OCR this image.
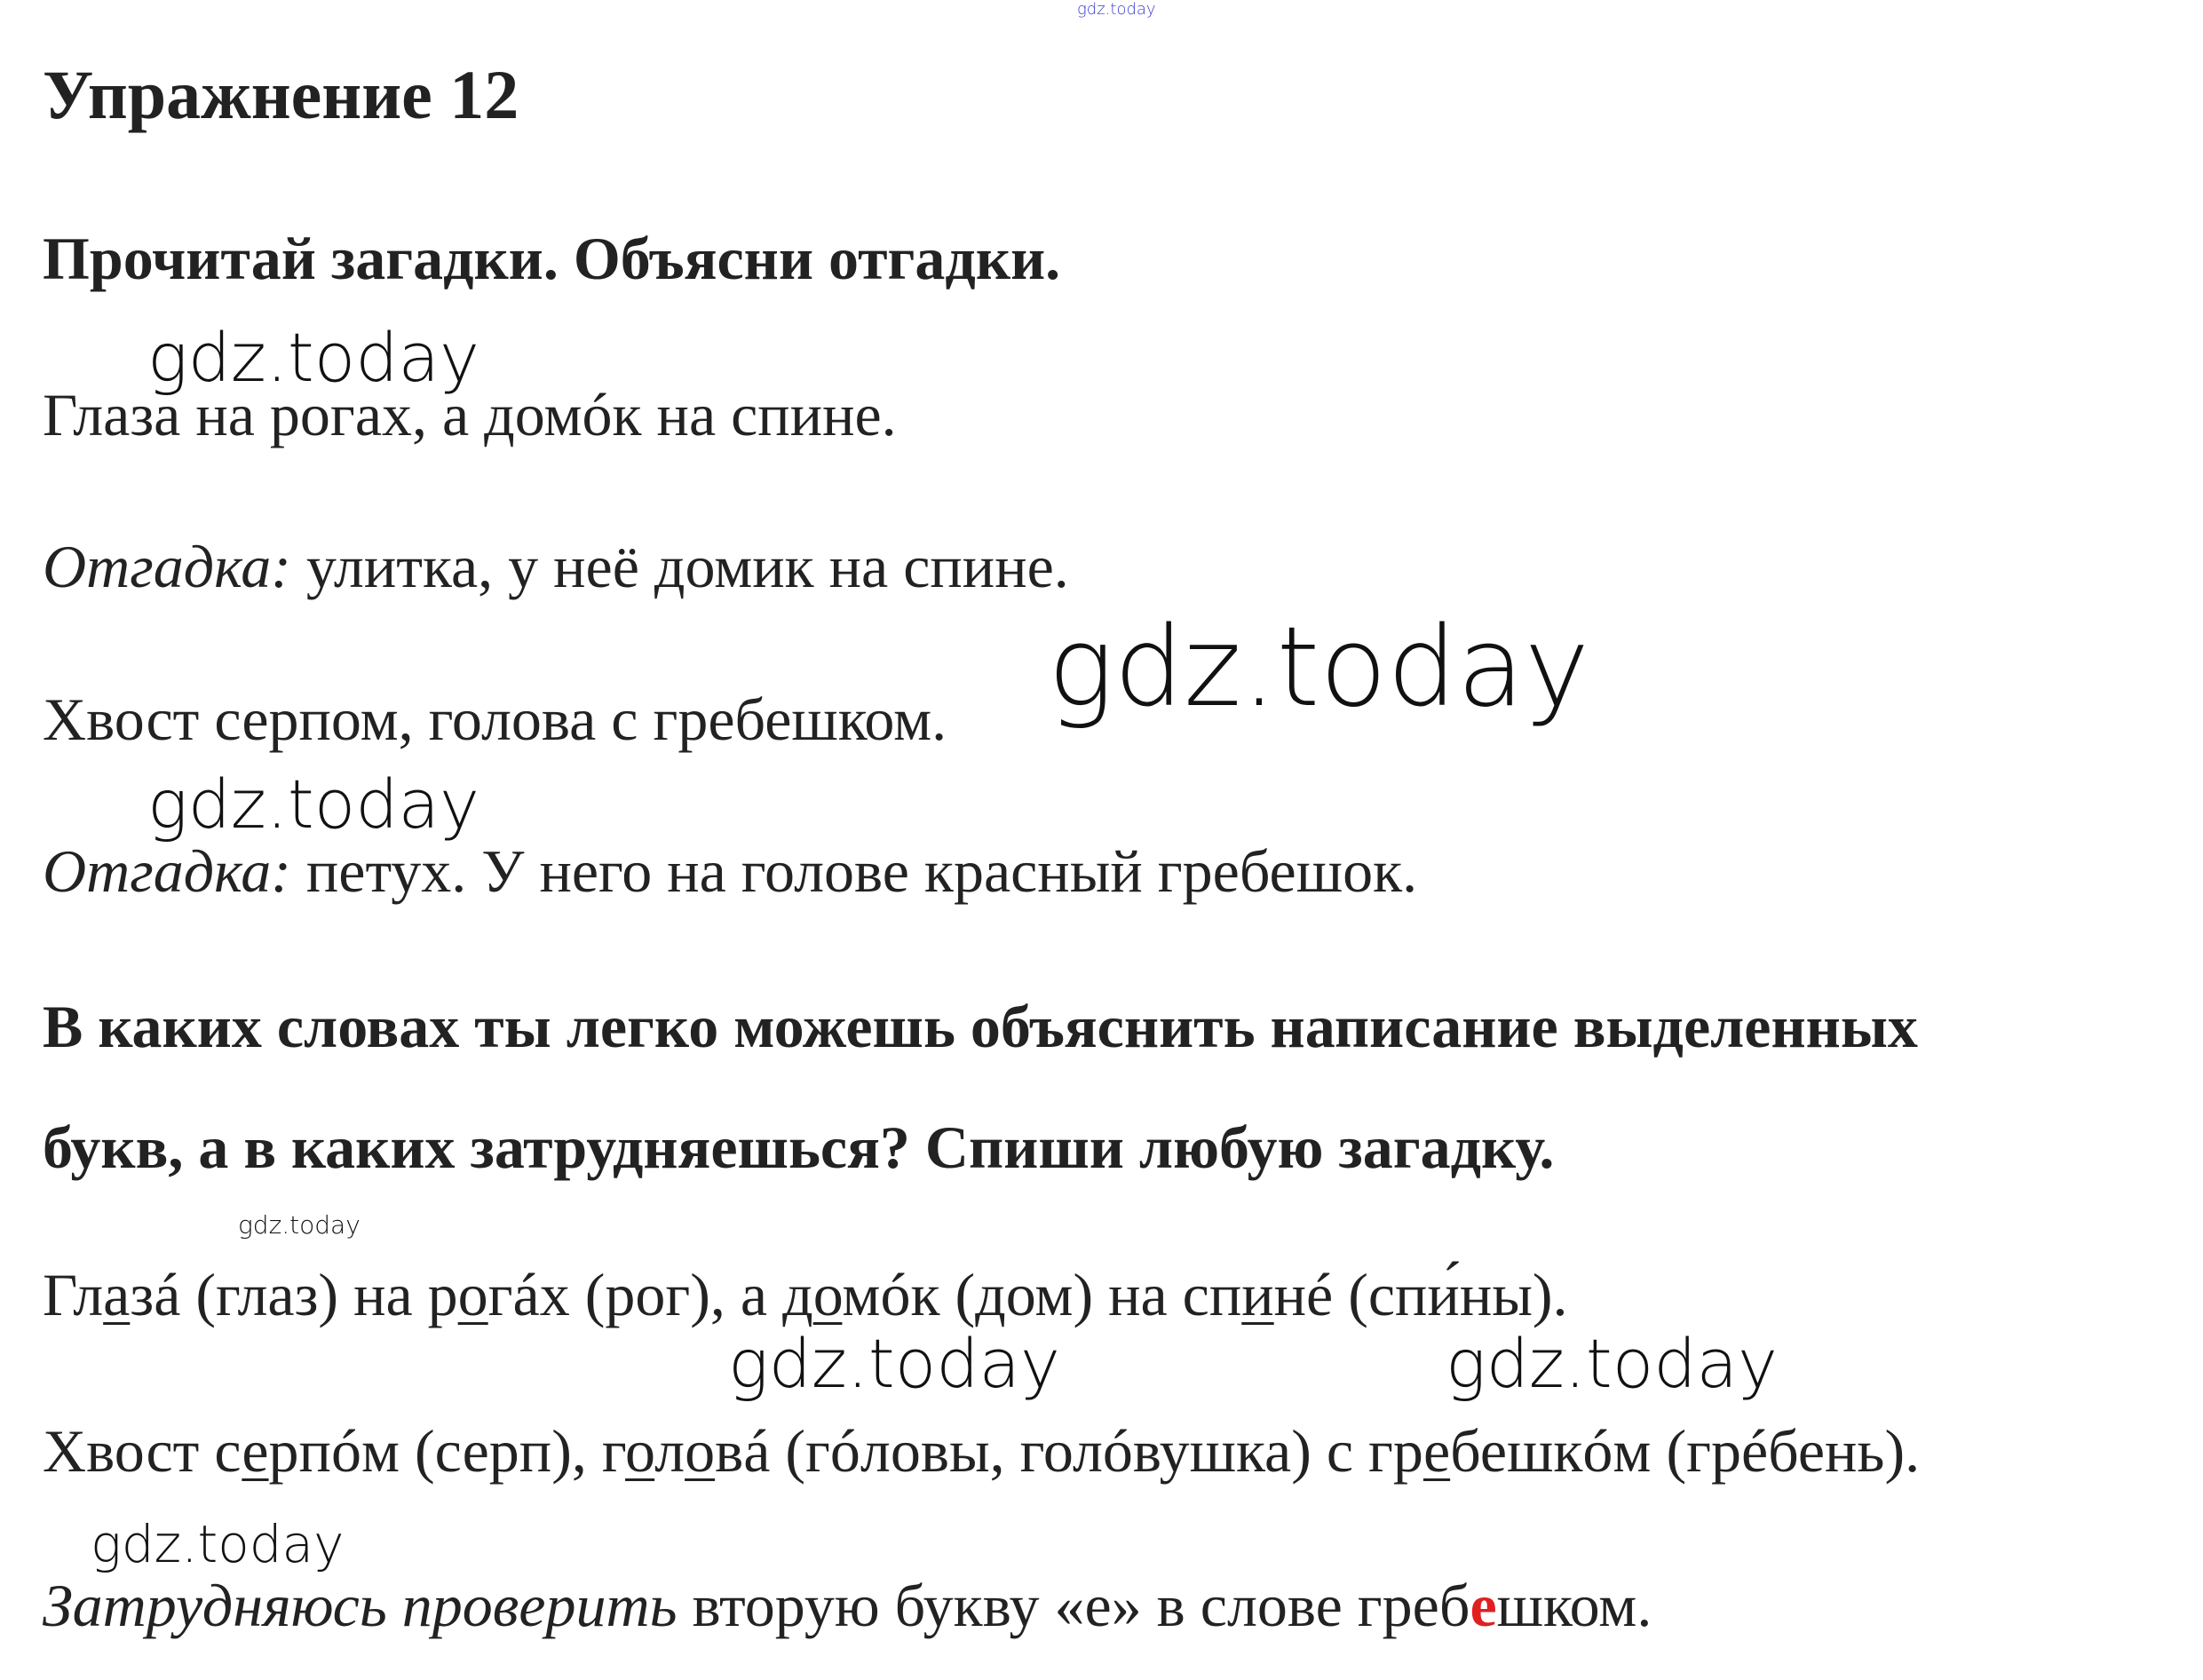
gdz.today
Упражнение 12
Прочитай загадки. Объясни отгадки.
gdz.today
Глаза на рогах, а домóк на спине.
Отгадка: улитка, у неё домик на спине.
Хвост серпом, голова с гребешком. gdz.today
gdz.today
Отгадка: петух. У него на голове красный гребешок.
В каких словах ты легко можешь объяснить написание выделенных
букв, а в каких затрудняешься? Спиши любую загадку.
gdz.today
Глазá (глаз) на рогáх (рог), а домóк (дом) на спинé (спи́ны).
gdz.today	gdz.today
Хвост серпóм (серп), головá (гóловы, голóвушка) с гребешкóм (грéбень).
gdz.today
Затрудняюсь проверить вторую букву «е» в слове гребешком.
